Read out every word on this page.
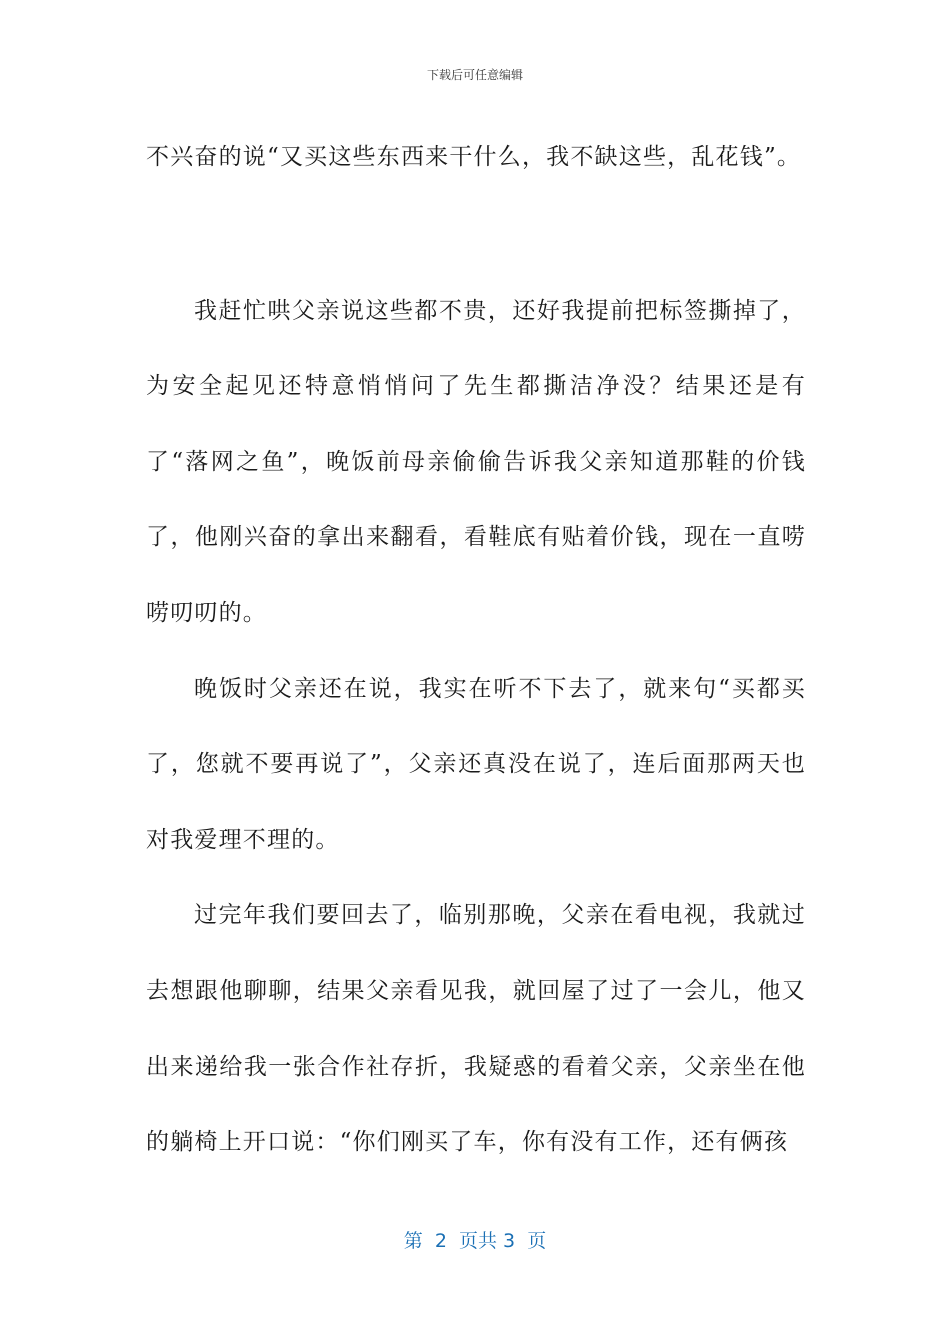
下载后可任意编辑

不兴奋的说“又买这些东西来干什么，我不缺这些，乱花钱”。

我赶忙哄父亲说这些都不贵，还好我提前把标签撕掉了，为安全起见还特意悄悄问了先生都撕洁净没？结果还是有了“落网之鱼”，晚饭前母亲偷偷告诉我父亲知道那鞋的价钱了，他刚兴奋的拿出来翻看，看鞋底有贴着价钱，现在一直唠唠叨叨的。

晚饭时父亲还在说，我实在听不下去了，就来句“买都买了，您就不要再说了”，父亲还真没在说了，连后面那两天也对我爱理不理的。

过完年我们要回去了，临别那晚，父亲在看电视，我就过去想跟他聊聊，结果父亲看见我，就回屋了过了一会儿，他又出来递给我一张合作社存折，我疑惑的看着父亲，父亲坐在他的躺椅上开口说：“你们刚买了车，你有没有工作，还有俩孩

第  2  页共 3  页
